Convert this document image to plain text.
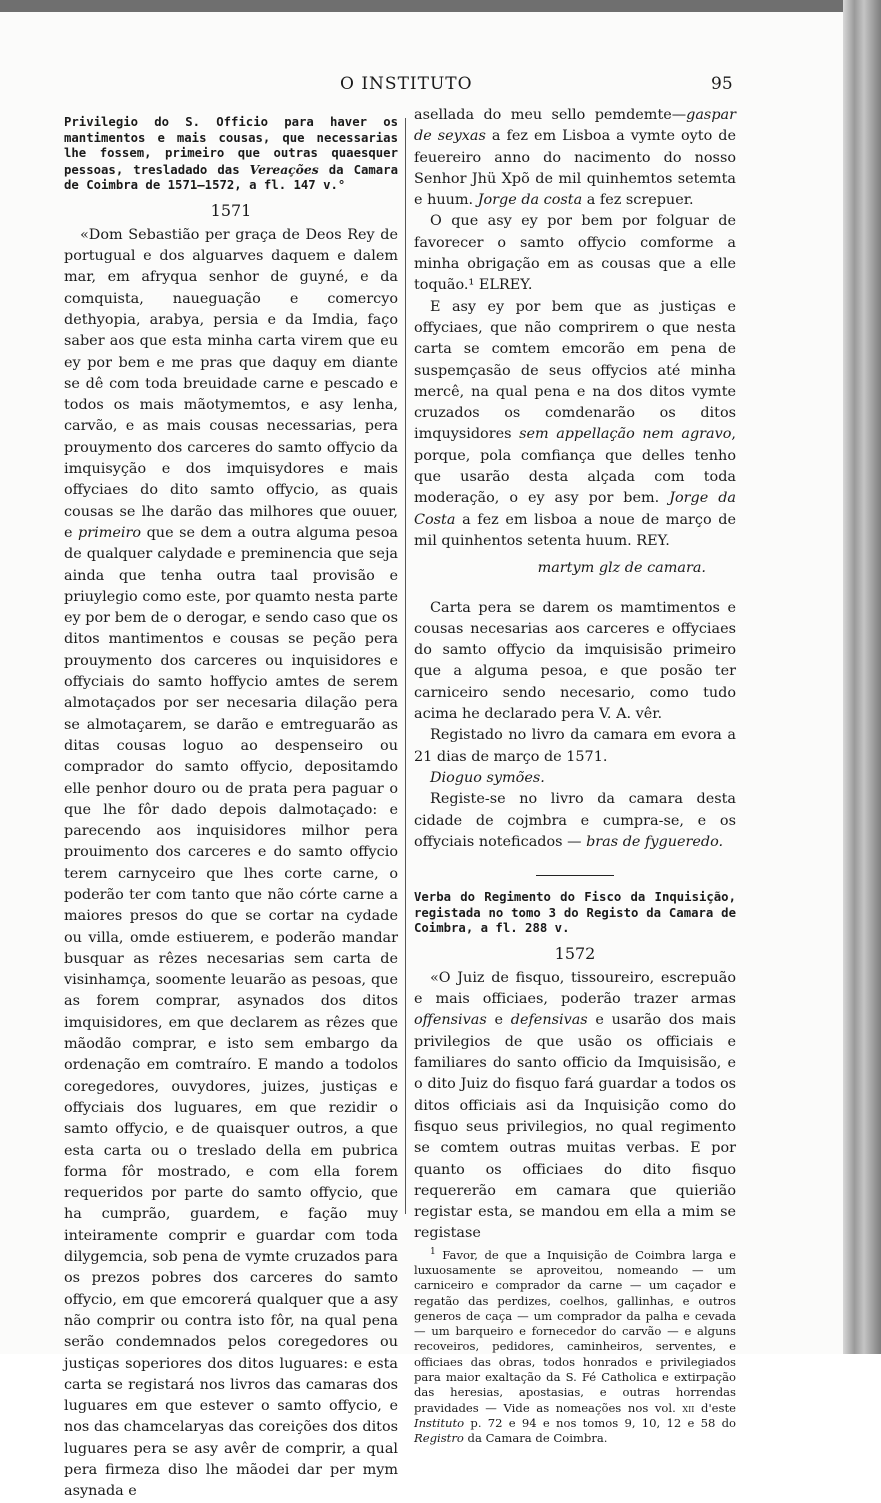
O INSTITUTO	95

Privilegio do S. Officio para haver os mantimentos e mais cousas, que necessarias lhe fossem, primeiro que outras quaesquer pessoas, tresladado das Vereações da Camara de Coimbra de 1571—1572, a fl. 147 v.°

1571

«Dom Sebastião per graça de Deos Rey de portugual e dos alguarves daquem e dalem mar, em afryqua senhor de guyné, e da comquista, naueguação e comercyo dethyopia, arabya, persia e da Imdia, faço saber aos que esta minha carta virem que eu ey por bem e me pras que daquy em diante se dê com toda breuidade carne e pescado e todos os mais mãotymemtos, e asy lenha, carvão, e as mais cousas necessarias, pera prouymento dos carceres do samto offycio da imquisyção e dos imquisydores e mais offyciaes do dito samto offycio, as quais cousas se lhe darão das milhores que ouuer, e primeiro que se dem a outra alguma pesoa de qualquer calydade e preminencia que seja ainda que tenha outra taal provisão e priuylegio como este, por quamto nesta parte ey por bem de o derogar, e sendo caso que os ditos mantimentos e cousas se peção pera prouymento dos carceres ou inquisidores e offyciais do samto hoffycio amtes de serem almotaçados por ser necesaria dilação pera se almotaçarem, se darão e emtreguarão as ditas cousas loguo ao despenseiro ou comprador do samto offycio, depositamdo elle penhor douro ou de prata pera paguar o que lhe fôr dado depois dalmotaçado: e parecendo aos inquisidores milhor pera prouimento dos carceres e do samto offycio terem carnyceiro que lhes corte carne, o poderão ter com tanto que não córte carne a maiores presos do que se cortar na cydade ou villa, omde estiuerem, e poderão mandar busquar as rêzes necesarias sem carta de visinhamça, soomente leuarão as pesoas, que as forem comprar, asynados dos ditos imquisidores, em que declarem as rêzes que mãodão comprar, e isto sem embargo da ordenação em comtraíro. E mando a todolos coregedores, ouvydores, juizes, justiças e offyciais dos luguares, em que rezidir o samto offycio, e de quaisquer outros, a que esta carta ou o treslado della em pubrica forma fôr mostrado, e com ella forem requeridos por parte do samto offycio, que ha cumprão, guardem, e fação muy inteiramente comprir e guardar com toda dilygemcia, sob pena de vymte cruzados para os prezos pobres dos carceres do samto offycio, em que emcorerá qualquer que a asy não comprir ou contra isto fôr, na qual pena serão condemnados pelos coregedores ou justiças soperiores dos ditos luguares: e esta carta se registará nos livros das camaras dos luguares em que estever o samto offycio, e nos das chamcelaryas das coreições dos ditos luguares pera se asy avêr de comprir, a qual pera firmeza diso lhe mãodei dar per mym asynada e

asellada do meu sello pemdemte—gaspar de seyxas a fez em Lisboa a vymte oyto de feuereiro anno do nacimento do nosso Senhor Jhü Xpõ de mil quinhemtos setemta e huum. Jorge da costa a fez screpuer.

O que asy ey por bem por folguar de favorecer o samto offycio comforme a minha obrigação em as cousas que a elle toquão.¹ ELREY.

E asy ey por bem que as justiças e offyciaes, que não comprirem o que nesta carta se comtem emcorão em pena de suspemçasão de seus offycios até minha mercê, na qual pena e na dos ditos vymte cruzados os comdenarão os ditos imquysidores sem appellação nem agravo, porque, pola comfiança que delles tenho que usarão desta alçada com toda moderação, o ey asy por bem. Jorge da Costa a fez em lisboa a noue de março de mil quinhentos setenta huum. REY.

martym glz de camara.

Carta pera se darem os mamtimentos e cousas necesarias aos carceres e offyciaes do samto offycio da imquisisão primeiro que a alguma pesoa, e que posão ter carniceiro sendo necesario, como tudo acima he declarado pera V. A. vêr.

Registado no livro da camara em evora a 21 dias de março de 1571.

Dioguo symões.

Registe-se no livro da camara desta cidade de cojmbra e cumpra-se, e os offyciais noteficados — bras de fygueredo.

Verba do Regimento do Fisco da Inquisição, registada no tomo 3 do Registo da Camara de Coimbra, a fl. 288 v.

1572

«O Juiz de fisquo, tissoureiro, escrepuão e mais officiaes, poderão trazer armas offensivas e defensivas e usarão dos mais privilegios de que usão os officiais e familiares do santo officio da Imquisisão, e o dito Juiz do fisquo fará guardar a todos os ditos officiais asi da Inquisição como do fisquo seus privilegios, no qual regimento se comtem outras muitas verbas. E por quanto os officiaes do dito fisquo requererão em camara que quierião registar esta, se mandou em ella a mim se registase

$^1$ Favor, de que a Inquisição de Coimbra larga e luxuosamente se aproveitou, nomeando — um carniceiro e comprador da carne — um caçador e regatão das perdizes, coelhos, gallinhas, e outros generos de caça — um comprador da palha e cevada — um barqueiro e fornecedor do carvão — e alguns recoveiros, pedidores, caminheiros, serventes, e officiaes das obras, todos honrados e privilegiados para maior exaltação da S. Fé Catholica e extirpação das heresias, apostasias, e outras horrendas pravidades — Vide as nomeações nos vol. xii d'este Instituto p. 72 e 94 e nos tomos 9, 10, 12 e 58 do Registro da Camara de Coimbra.
